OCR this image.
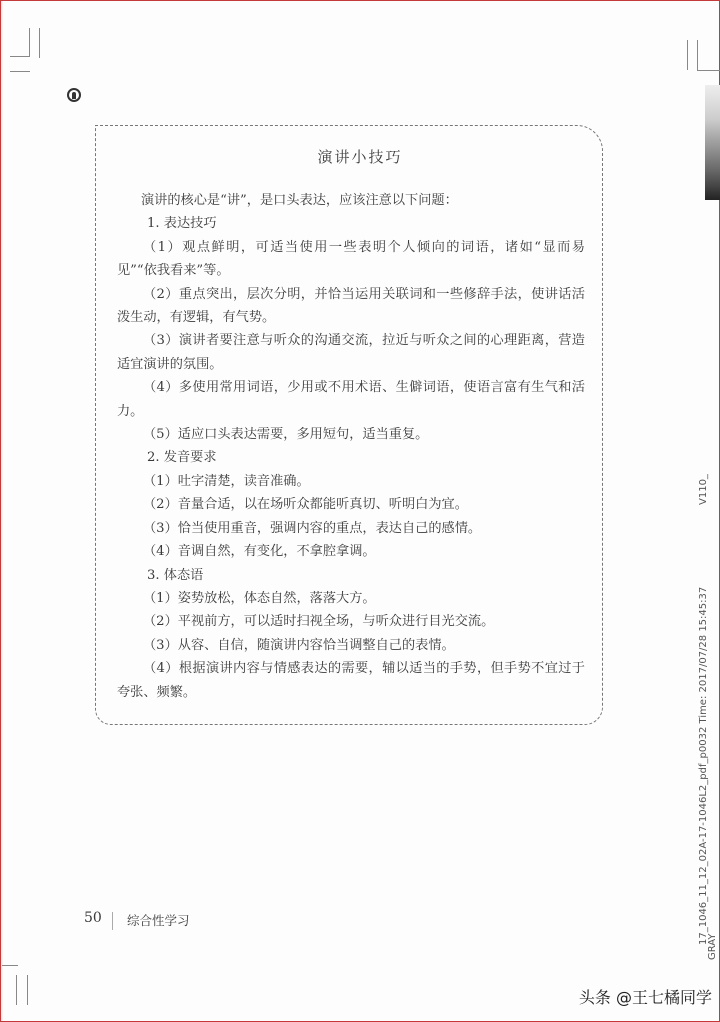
演讲小技巧
演讲的核心是“讲”，是口头表达，应该注意以下问题：
1. 表达技巧
（1）观点鲜明，可适当使用一些表明个人倾向的词语，诸如“显而易
见”“依我看来”等。
（2）重点突出，层次分明，并恰当运用关联词和一些修辞手法，使讲话活
泼生动，有逻辑，有气势。
（3）演讲者要注意与听众的沟通交流，拉近与听众之间的心理距离，营造
适宜演讲的氛围。
（4）多使用常用词语，少用或不用术语、生僻词语，使语言富有生气和活
力。
（5）适应口头表达需要，多用短句，适当重复。
2. 发音要求
（1）吐字清楚，读音准确。
（2）音量合适，以在场听众都能听真切、听明白为宜。
（3）恰当使用重音，强调内容的重点，表达自己的感情。
（4）音调自然，有变化，不拿腔拿调。
3. 体态语
（1）姿势放松，体态自然，落落大方。
（2）平视前方，可以适时扫视全场，与听众进行目光交流。
（3）从容、自信，随演讲内容恰当调整自己的表情。
（4）根据演讲内容与情感表达的需要，辅以适当的手势，但手势不宜过于
夸张、频繁。
50 综合性学习
V110_
17_1046_11_12_02A-17-1046L2_pdf_p0032 Time: 2017/07/28 15:45:37
GRAY
头条 @王七橘同学
